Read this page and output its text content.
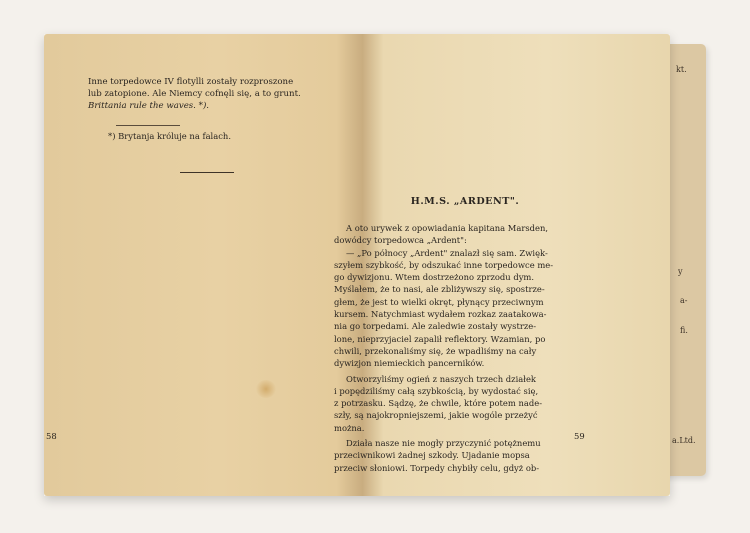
kt.
y
a-
fi.
a.Ltd.

Inne torpedowce IV flotylli zostały rozproszone
lub zatopione. Ale Niemcy cofnęli się, a to grunt.
Brittania rule the waves. *).

*) Brytanja króluje na falach.

58	59
H.M.S. „ARDENT".
A oto urywek z opowiadania kapitana Marsden,
dowódcy torpedowca „Ardent":
— „Po północy „Ardent" znalazł się sam. Zwięk-
szyłem szybkość, by odszukać inne torpedowce me-
go dywizjonu. Wtem dostrzeżono zprzodu dym.
Myślałem, że to nasi, ale zbliżywszy się, spostrze-
głem, że jest to wielki okręt, płynący przeciwnym
kursem. Natychmiast wydałem rozkaz zaatakowa-
nia go torpedami. Ale zaledwie zostały wystrze-
lone, nieprzyjaciel zapalił reflektory. Wzamian, po
chwili, przekonaliśmy się, że wpadliśmy na cały
dywizjon niemieckich pancerników.
Otworzyliśmy ogień z naszych trzech działek
i popędziliśmy całą szybkością, by wydostać się,
z potrzasku. Sądzę, że chwile, które potem nade-
szły, są najokropniejszemi, jakie wogóle przeżyć
można.
Działa nasze nie mogły przyczynić potężnemu
przeciwnikowi żadnej szkody. Ujadanie mopsa
przeciw słoniowi. Torpedy chybiły celu, gdyż ob-
